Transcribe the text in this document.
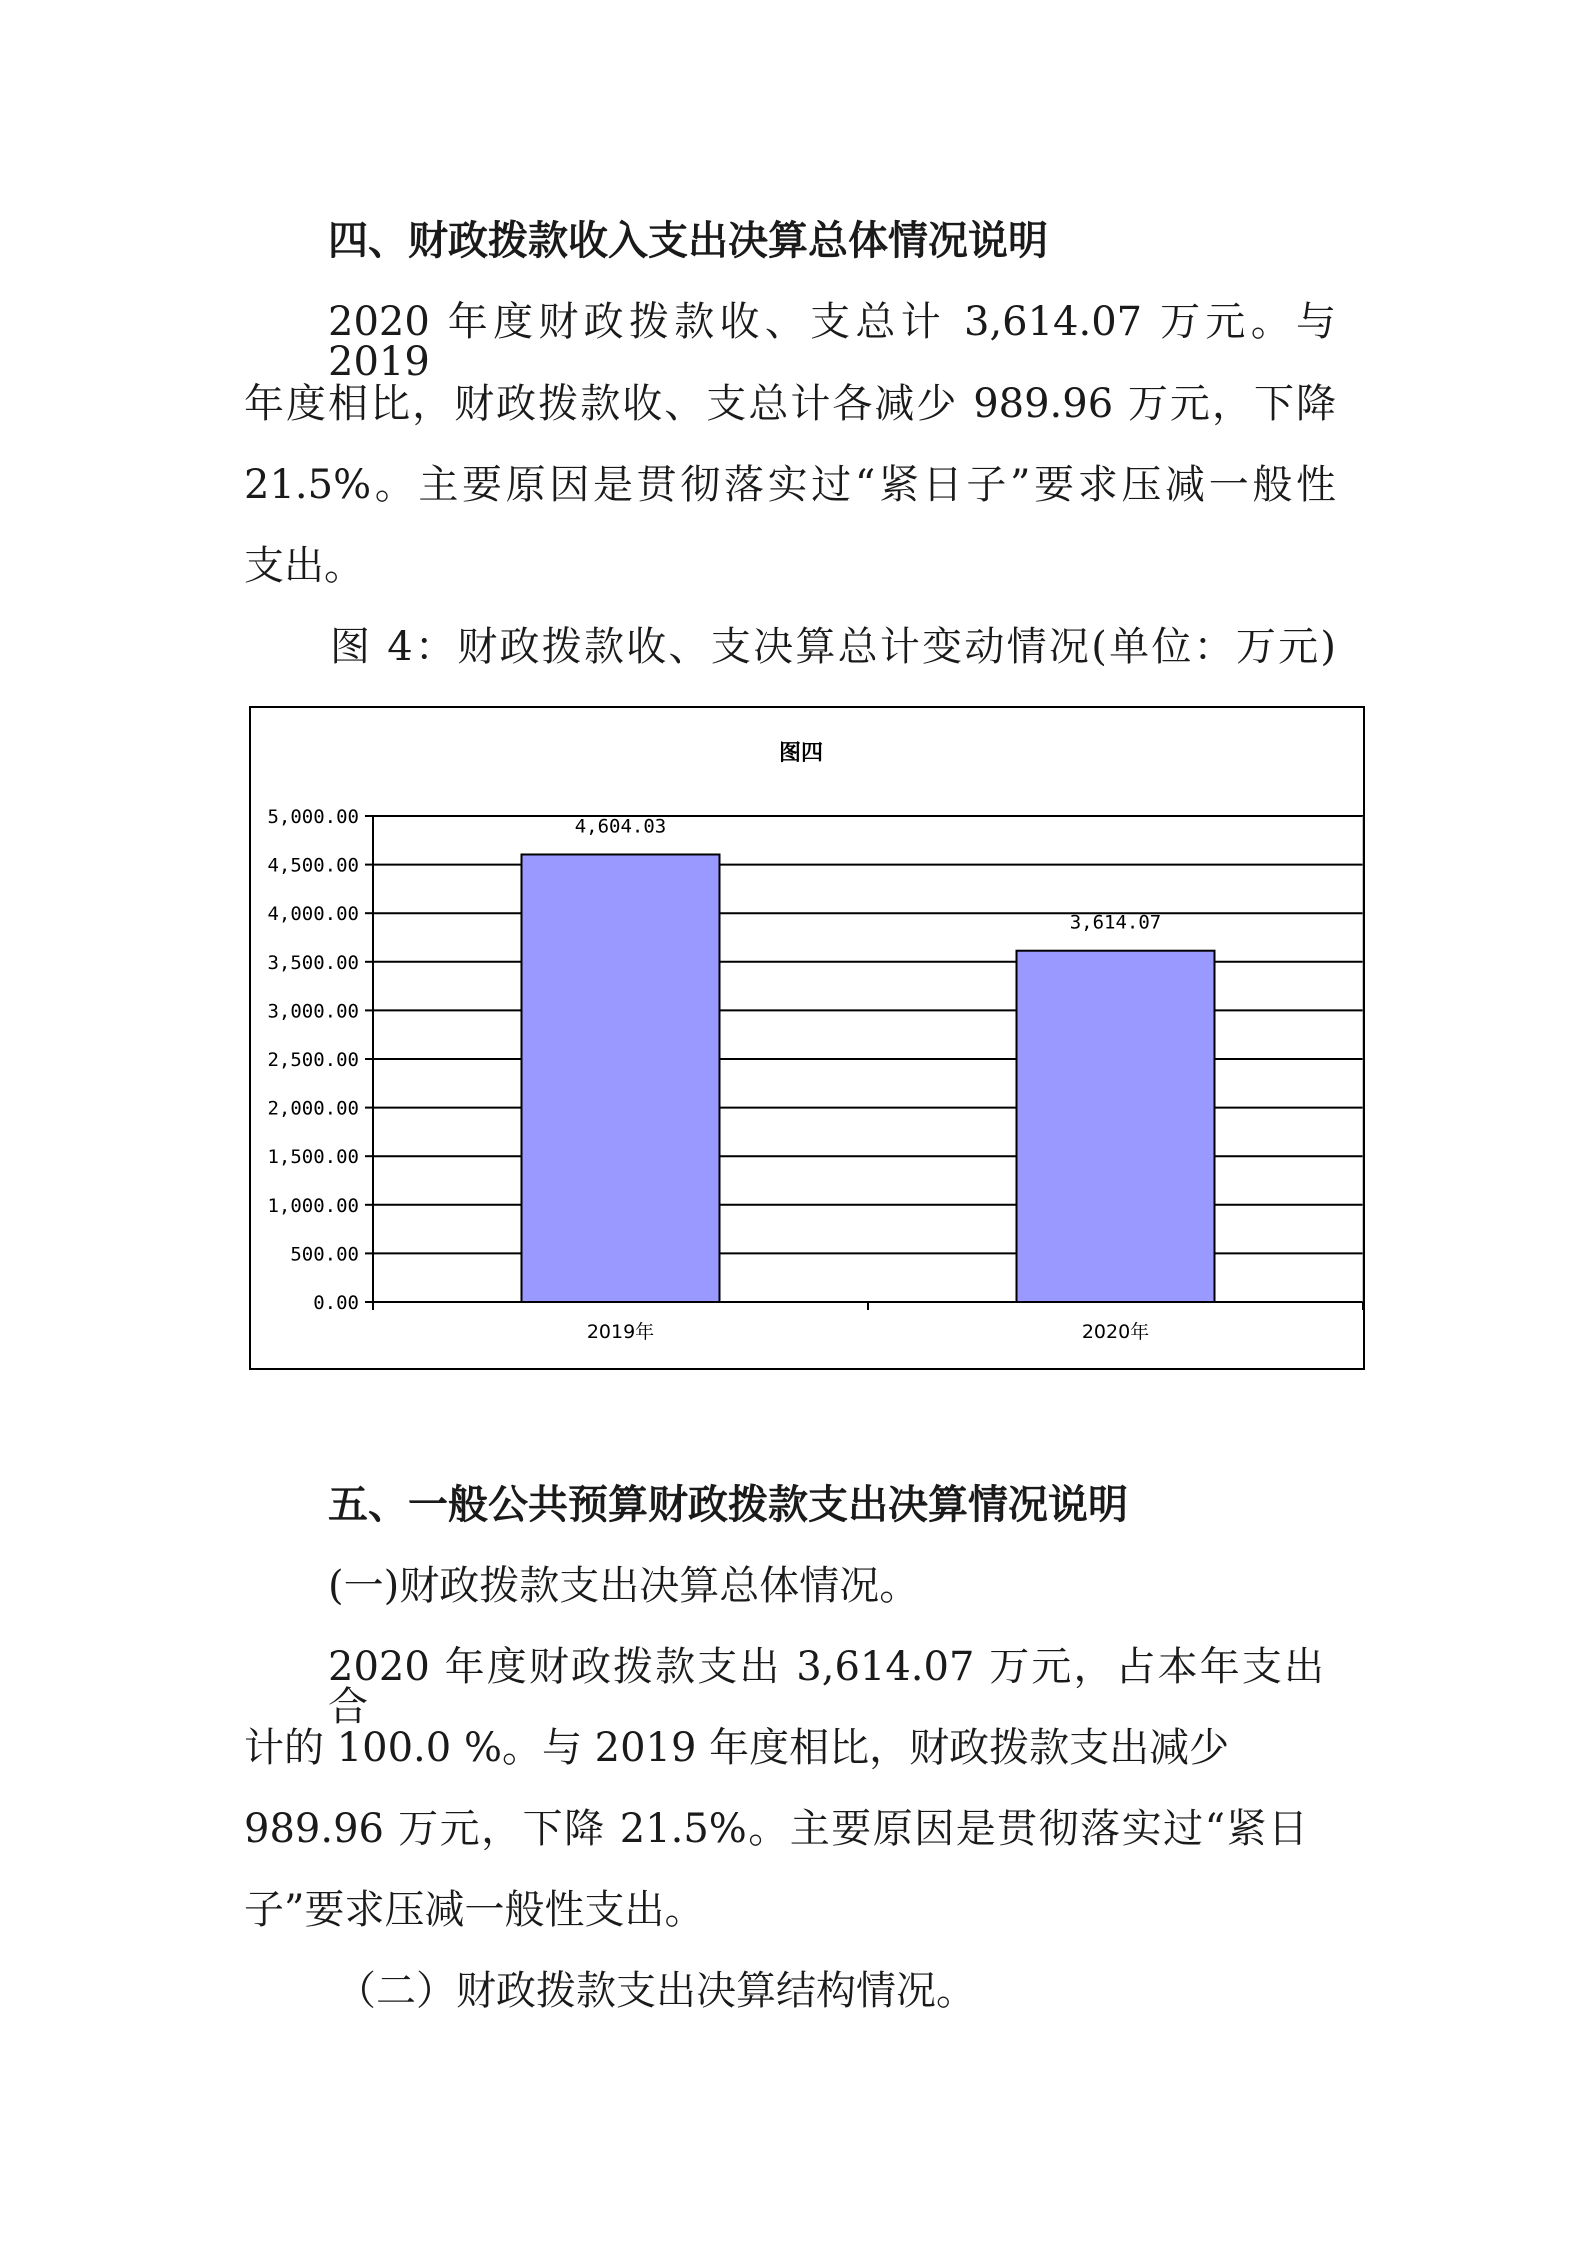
四、财政拨款收入支出决算总体情况说明
2020 年度财政拨款收、支总计 3,614.07 万元。与 2019
年度相比，财政拨款收、支总计各减少 989.96 万元，下降
21.5%。主要原因是贯彻落实过“紧日子”要求压减一般性
支出。
图 4：财政拨款收、支决算总计变动情况(单位：万元)
图四
0.00
500.00
1,000.00
1,500.00
2,000.00
2,500.00
3,000.00
3,500.00
4,000.00
4,500.00
5,000.00	4,604.03
2019年
3,614.07
2020年
五、一般公共预算财政拨款支出决算情况说明
(一)财政拨款支出决算总体情况。
2020 年度财政拨款支出 3,614.07 万元，占本年支出合
计的 100.0 %。与 2019 年度相比，财政拨款支出减少
989.96 万元，下降 21.5%。主要原因是贯彻落实过“紧日
子”要求压减一般性支出。
（二）财政拨款支出决算结构情况。
